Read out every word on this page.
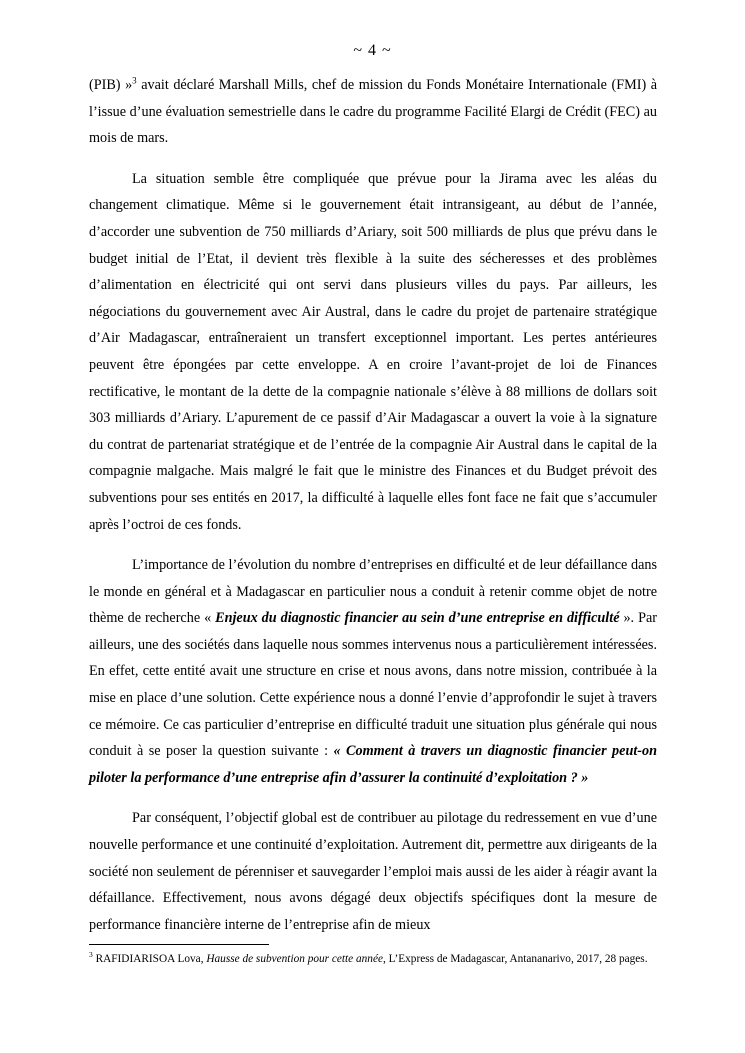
~ 4 ~

(PIB) »$^3$ avait déclaré Marshall Mills, chef de mission du Fonds Monétaire Internationale (FMI) à l’issue d’une évaluation semestrielle dans le cadre du programme Facilité Elargi de Crédit (FEC) au mois de mars.

La situation semble être compliquée que prévue pour la Jirama avec les aléas du changement climatique. Même si le gouvernement était intransigeant, au début de l’année, d’accorder une subvention de 750 milliards d’Ariary, soit 500 milliards de plus que prévu dans le budget initial de l’Etat, il devient très flexible à la suite des sécheresses et des problèmes d’alimentation en électricité qui ont servi dans plusieurs villes du pays. Par ailleurs, les négociations du gouvernement avec Air Austral, dans le cadre du projet de partenaire stratégique d’Air Madagascar, entraîneraient un transfert exceptionnel important. Les pertes antérieures peuvent être épongées par cette enveloppe. A en croire l’avant-projet de loi de Finances rectificative, le montant de la dette de la compagnie nationale s’élève à 88 millions de dollars soit 303 milliards d’Ariary. L’apurement de ce passif d’Air Madagascar a ouvert la voie à la signature du contrat de partenariat stratégique et de l’entrée de la compagnie Air Austral dans le capital de la compagnie malgache. Mais malgré le fait que le ministre des Finances et du Budget prévoit des subventions pour ses entités en 2017, la difficulté à laquelle elles font face ne fait que s’accumuler après l’octroi de ces fonds.

L’importance de l’évolution du nombre d’entreprises en difficulté et de leur défaillance dans le monde en général et à Madagascar en particulier nous a conduit à retenir comme objet de notre thème de recherche « Enjeux du diagnostic financier au sein d’une entreprise en difficulté ». Par ailleurs, une des sociétés dans laquelle nous sommes intervenus nous a particulièrement intéressées. En effet, cette entité avait une structure en crise et nous avons, dans notre mission, contribuée à la mise en place d’une solution. Cette expérience nous a donné l’envie d’approfondir le sujet à travers ce mémoire. Ce cas particulier d’entreprise en difficulté traduit une situation plus générale qui nous conduit à se poser la question suivante : « Comment à travers un diagnostic financier peut-on piloter la performance d’une entreprise afin d’assurer la continuité d’exploitation ? »

Par conséquent, l’objectif global est de contribuer au pilotage du redressement en vue d’une nouvelle performance et une continuité d’exploitation. Autrement dit, permettre aux dirigeants de la société non seulement de pérenniser et sauvegarder l’emploi mais aussi de les aider à réagir avant la défaillance. Effectivement, nous avons dégagé deux objectifs spécifiques dont la mesure de performance financière interne de l’entreprise afin de mieux

$^3$ RAFIDIARISOA Lova, Hausse de subvention pour cette année, L’Express de Madagascar, Antananarivo, 2017, 28 pages.
